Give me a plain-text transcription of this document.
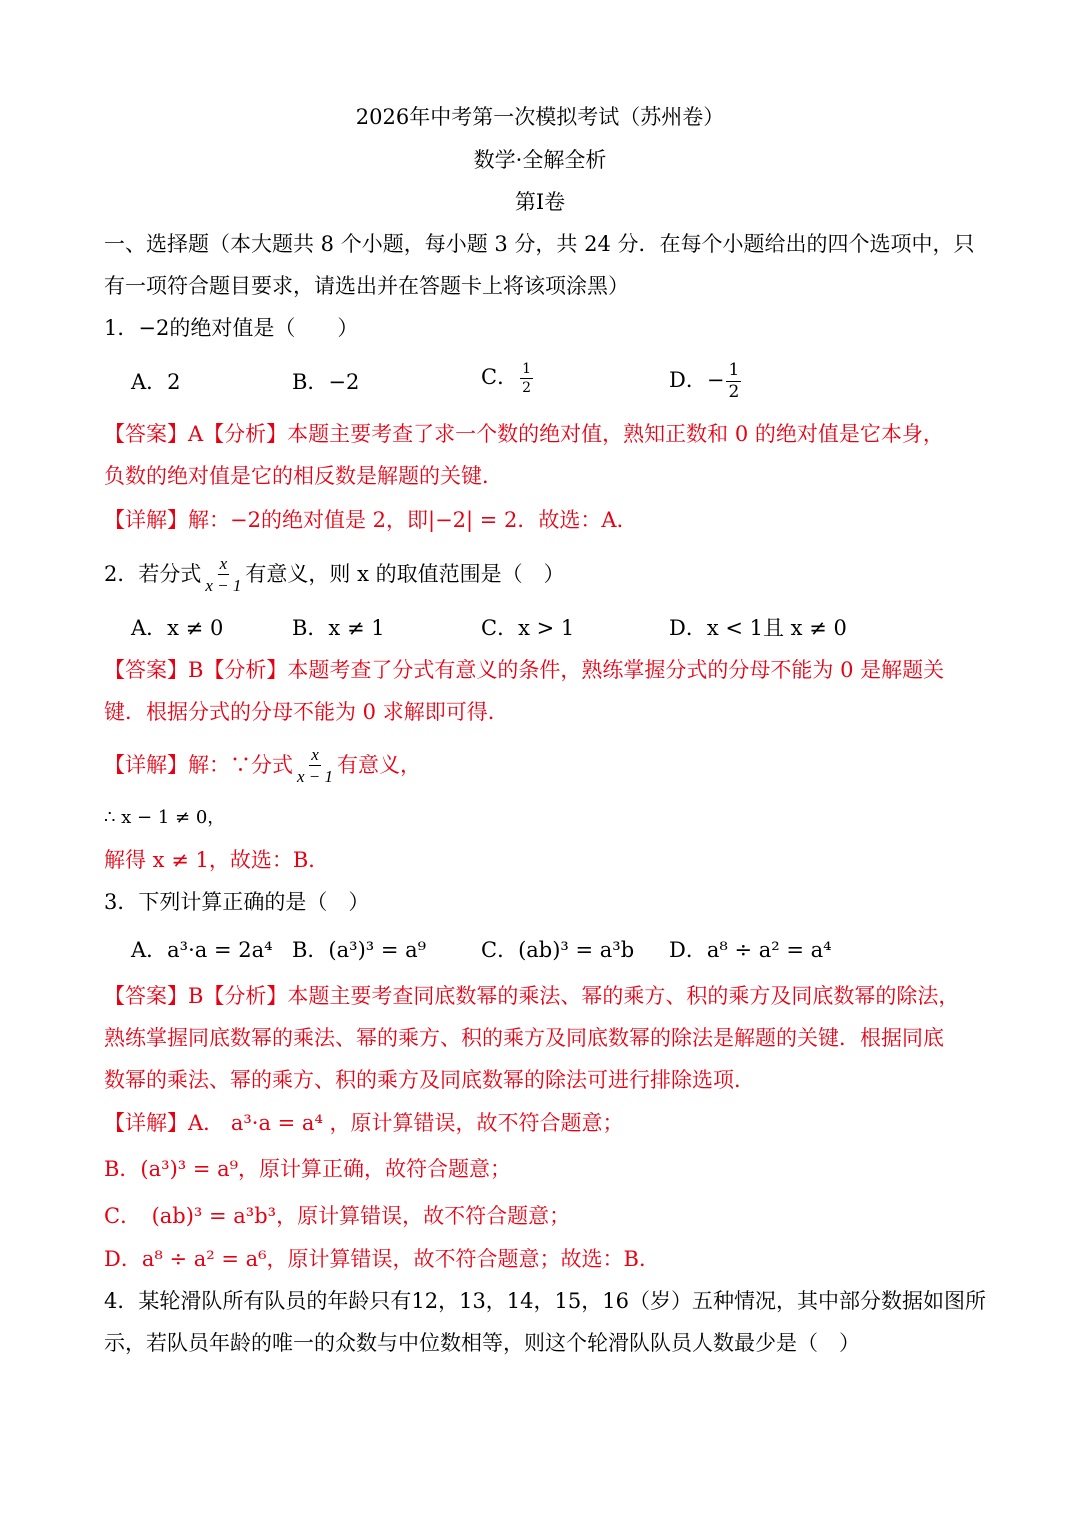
2026年中考第一次模拟考试（苏州卷）
数学·全解全析
第Ⅰ卷
一、选择题（本大题共 8 个小题，每小题 3 分，共 24 分．在每个小题给出的四个选项中，只
有一项符合题目要求，请选出并在答题卡上将该项涂黑）
1．−2的绝对值是（　　）
A．2	B．−2	C． $\frac{1}{2}$	D．− $\frac{1}{2}$
【答案】A【分析】本题主要考查了求一个数的绝对值，熟知正数和 0 的绝对值是它本身，
负数的绝对值是它的相反数是解题的关键．
【详解】解：−2的绝对值是 2，即|−2| = 2．故选：A．
2．若分式 $\frac{x}{x - 1}$ 有意义，则 x 的取值范围是（　）
A．x ≠ 0	B．x ≠ 1	C．x > 1	D．x < 1且 x ≠ 0
【答案】B【分析】本题考查了分式有意义的条件，熟练掌握分式的分母不能为 0 是解题关
键．根据分式的分母不能为 0 求解即可得．
【详解】解：∵分式 $\frac{x}{x - 1}$ 有意义，
∴ x − 1 ≠ 0，
解得 x ≠ 1，故选：B．
3．下列计算正确的是（　）
A．a³·a = 2a⁴ B．(a³)³ = a⁹	C．(ab)³ = a³b D．a⁸ ÷ a² = a⁴
【答案】B【分析】本题主要考查同底数幂的乘法、幂的乘方、积的乘方及同底数幂的除法，
熟练掌握同底数幂的乘法、幂的乘方、积的乘方及同底数幂的除法是解题的关键．根据同底
数幂的乘法、幂的乘方、积的乘方及同底数幂的除法可进行排除选项．
【详解】A． a³·a = a⁴ ，原计算错误，故不符合题意；
B．(a³)³ = a⁹，原计算正确，故符合题意；
C．　(ab)³ = a³b³，原计算错误，故不符合题意；
D．a⁸ ÷ a² = a⁶，原计算错误，故不符合题意；故选：B．
4．某轮滑队所有队员的年龄只有12，13，14，15，16（岁）五种情况，其中部分数据如图所
示，若队员年龄的唯一的众数与中位数相等，则这个轮滑队队员人数最少是（　）
